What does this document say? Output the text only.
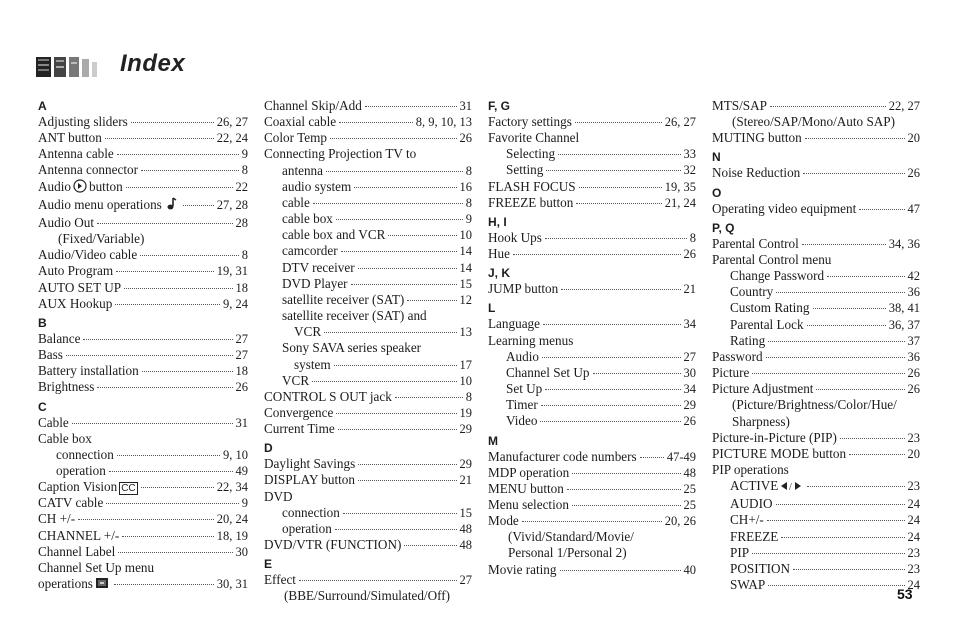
Index
A
Adjusting sliders	26, 27
ANT button	22, 24
Antenna cable	9
Antenna connector	8
Audio button	22
Audio menu operations	27, 28
Audio Out	28
(Fixed/Variable)
Audio/Video cable	8
Auto Program	19, 31
AUTO SET UP	18
AUX Hookup	9, 24
B
Balance	27
Bass	27
Battery installation	18
Brightness	26
C
Cable	31
Cable box
connection	9, 10
operation	49
Caption Vision CC	22, 34
CATV cable	9
CH +/-	20, 24
CHANNEL +/-	18, 19
Channel Label	30
Channel Set Up menu
operations	30, 31
Channel Skip/Add	31
Coaxial cable	8, 9, 10, 13
Color Temp	26
Connecting Projection TV to
antenna	8
audio system	16
cable	8
cable box	9
cable box and VCR	10
camcorder	14
DTV receiver	14
DVD Player	15
satellite receiver (SAT)	12
satellite receiver (SAT) and
VCR	13
Sony SAVA series speaker
system	17
VCR	10
CONTROL S OUT jack	8
Convergence	19
Current Time	29
D
Daylight Savings	29
DISPLAY button	21
DVD
connection	15
operation	48
DVD/VTR (FUNCTION)	48
E
Effect	27
(BBE/Surround/Simulated/Off)
F, G
Factory settings	26, 27
Favorite Channel
Selecting	33
Setting	32
FLASH FOCUS	19, 35
FREEZE button	21, 24
H, I
Hook Ups	8
Hue	26
J, K
JUMP button	21
L
Language	34
Learning menus
Audio	27
Channel Set Up	30
Set Up	34
Timer	29
Video	26
M
Manufacturer code numbers 47-49
MDP operation	48
MENU button	25
Menu selection	25
Mode	20, 26
(Vivid/Standard/Movie/
Personal 1/Personal 2)
Movie rating	40
MTS/SAP	22, 27
(Stereo/SAP/Mono/Auto SAP)
MUTING button	20
N
Noise Reduction	26
O
Operating video equipment	47
P, Q
Parental Control	34, 36
Parental Control menu
Change Password	42
Country	36
Custom Rating	38, 41
Parental Lock	36, 37
Rating	37
Password	36
Picture	26
Picture Adjustment	26
(Picture/Brightness/Color/Hue/
Sharpness)
Picture-in-Picture (PIP)	23
PICTURE MODE button	20
PIP operations
ACTIVE /	23
AUDIO	24
CH+/-	24
FREEZE	24
PIP	23
POSITION	23
SWAP	24
53
